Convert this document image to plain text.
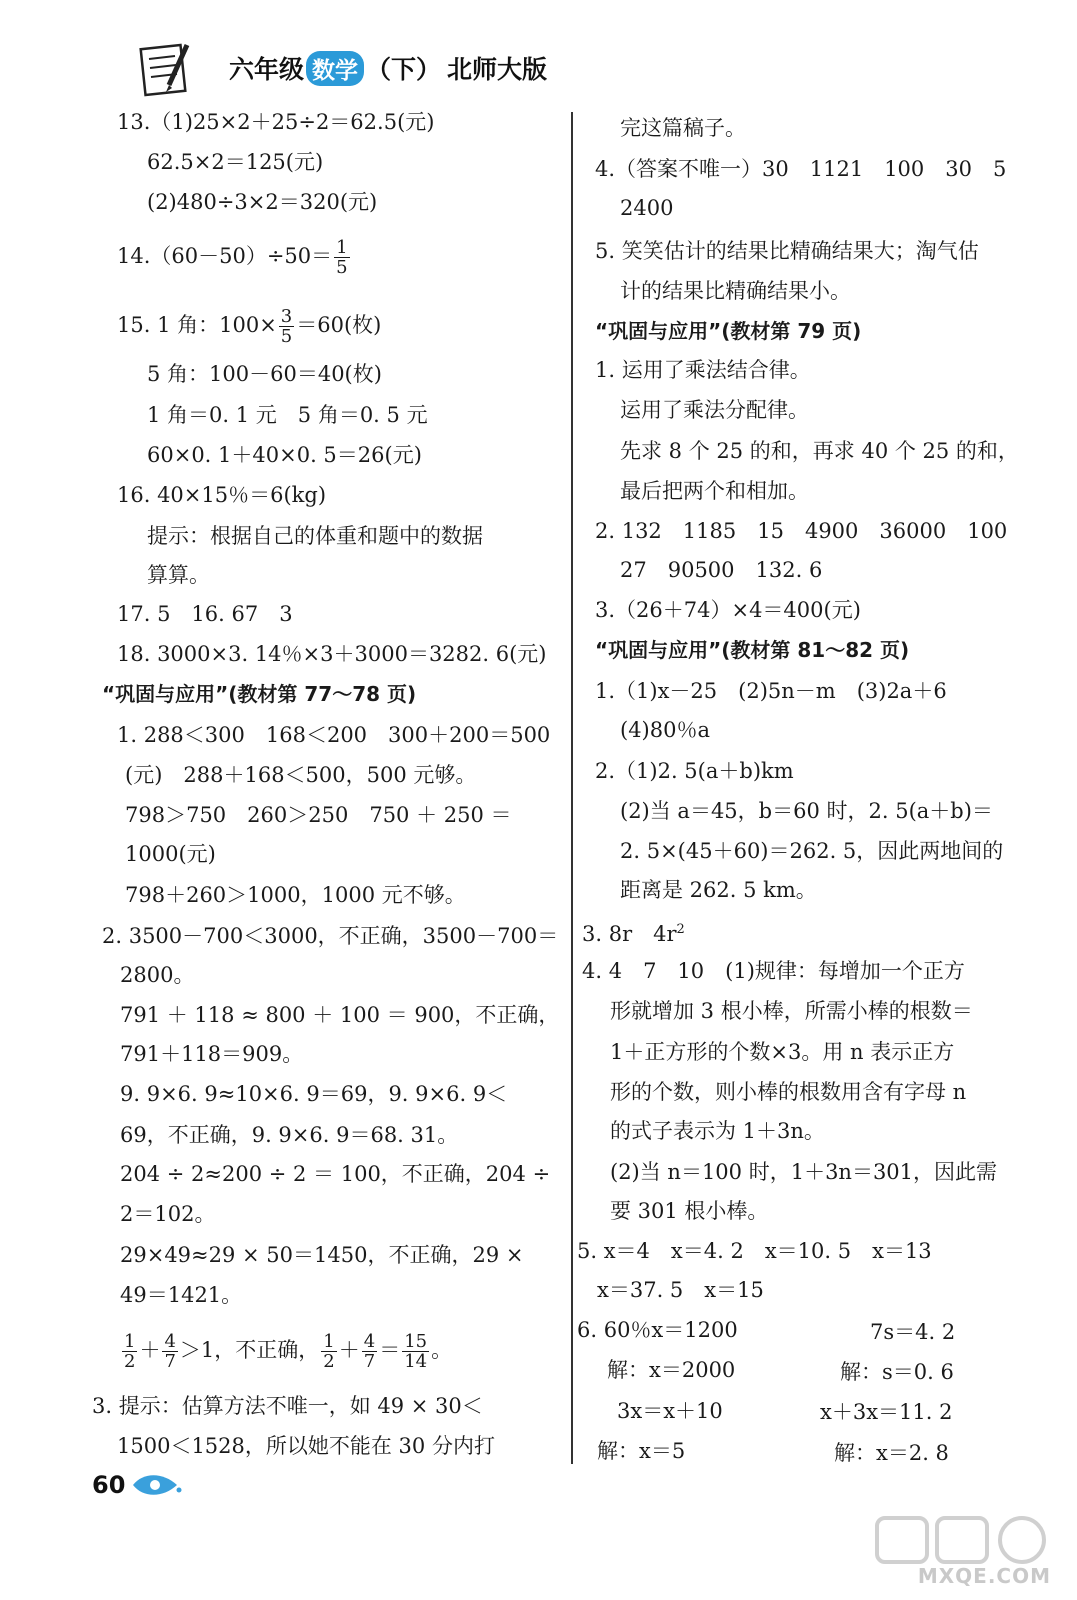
六年级 数学 （下） 北师大版
13.（1)25×2＋25÷2＝62.5(元)
62.5×2＝125(元)
(2)480÷3×2＝320(元)
$14.(60-50)\div 50= \frac{1}{5}$
15. 1 角：$100\times \frac{3}{5} =60$(枚)
5 角：100－60＝40(枚)
1 角＝0. 1 元　5 角＝0. 5 元
60×0. 1＋40×0. 5＝26(元)
16. 40×15％＝6(kg)
提示：根据自己的体重和题中的数据
算算。
17. 5　16. 67　3
18. 3000×3. 14％×3＋3000＝3282. 6(元)
“巩固与应用”(教材第 77～78 页)
1. 288＜300　168＜200　300＋200＝500
(元)　288＋168＜500，500 元够。
798＞750　260＞250　750 ＋ 250 ＝
1000(元)
798＋260＞1000，1000 元不够。
2. 3500－700＜3000，不正确，3500－700＝
2800。
791 ＋ 118 ≈ 800 ＋ 100 ＝ 900，不正确，
791＋118＝909。
9. 9×6. 9≈10×6. 9＝69，9. 9×6. 9＜
69，不正确，9. 9×6. 9＝68. 31。
204 ÷ 2≈200 ÷ 2 ＝ 100，不正确，204 ÷
2＝102。
29×49≈29 × 50＝1450，不正确，29 ×
49＝1421。
$\frac{1}{2} + \frac{4}{7} >1$，不正确， $\frac{1}{2} + \frac{4}{7} = \frac{15}{14}$ 。
3. 提示：估算方法不唯一，如 49 × 30＜
1500＜1528，所以她不能在 30 分内打
完这篇稿子。
4.（答案不唯一）30　1121　100　30　5
2400
5. 笑笑估计的结果比精确结果大；淘气估
计的结果比精确结果小。
“巩固与应用”(教材第 79 页)
1. 运用了乘法结合律。
运用了乘法分配律。
先求 8 个 25 的和，再求 40 个 25 的和，
最后把两个和相加。
2. 132　1185　15　4900　36000　100
27　90500　132. 6
3.（26＋74）×4＝400(元)
“巩固与应用”(教材第 81～82 页)
1.（1)x－25　(2)5n－m　(3)2a＋6
(4)80％a
2.（1)2. 5(a＋b)km
(2)当 a＝45，b＝60 时，2. 5(a＋b)＝
2. 5×(45＋60)＝262. 5，因此两地间的
距离是 262. 5 km。
3. 8r　$4r^2$
4. 4　7　10　(1)规律：每增加一个正方
形就增加 3 根小棒，所需小棒的根数＝
1＋正方形的个数×3。用 n 表示正方
形的个数，则小棒的根数用含有字母 n
的式子表示为 1＋3n。
(2)当 n＝100 时，1＋3n＝301，因此需
要 301 根小棒。
5. x＝4　x＝4. 2　x＝10. 5　x＝13
x＝37. 5　x＝15
6. 60％x＝1200	7s＝4. 2
解：x＝2000	解：s＝0. 6
3x＝x＋10	x＋3x＝11. 2
解：x＝5	解：x＝2. 8
60
MXQE.COM
